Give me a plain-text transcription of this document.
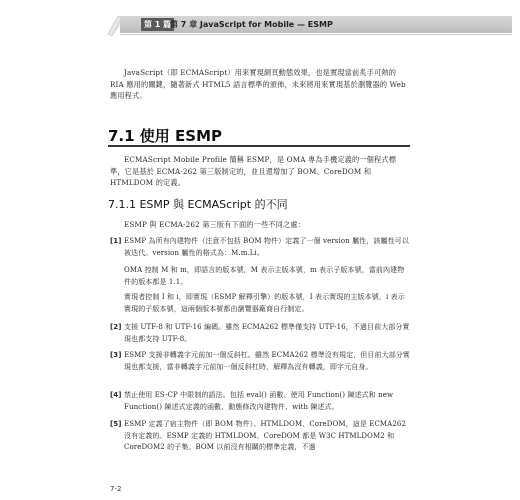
第 1 篇
第 7 章 JavaScript for Mobile — ESMP

JavaScript（即 ECMAScript）用來實現網頁動態效果，也是實現當前炙手可熱的 RIA 應用的關鍵，隨著新式 HTML5 語言標準的頒佈，未來將用來實現基於瀏覽器的 Web 應用程式。

7.1 使用 ESMP

ECMAScript Mobile Profile 簡稱 ESMP，是 OMA 專為手機定義的一個程式標準，它是基於 ECMA-262 第三版制定的，並且還增加了 BOM、CoreDOM 和 HTMLDOM 的定義。

7.1.1 ESMP 與 ECMAScript 的不同

ESMP 與 ECMA-262 第三版有下面的一些不同之處：

[1] ESMP 為所有內建物件（注意不包括 BOM 物件）定義了一個 version 屬性，該屬性可以被迭代。version 屬性的格式為：M.m.Li。

OMA 控制 M 和 m，即語言的版本號，M 表示主版本號，m 表示子版本號，當前內建物件的版本都是 1.1。

實現者控制 I 和 i，即實現（ESMP 解釋引擎）的版本號，I 表示實現的主版本號，i 表示實現的子版本號，這兩個版本號都由瀏覽器廠商自行制定。

[2] 支援 UTF-8 和 UTF-16 編碼。雖然 ECMA262 標準僅支持 UTF-16，不過目前大部分實現也都支持 UTF-8。
[3] ESMP 支援非轉義字元前加一個反斜杠。雖然 ECMA262 標準沒有規定，但目前大部分實現也都支援，當非轉義字元前加一個反斜杠時，解釋為沒有轉義，即字元自身。
[4] 禁止使用 ES-CP 中限制的語法。包括 eval() 函數、使用 Function() 陳述式和 new Function() 陳述式定義的函數、動態修改內建物件、with 陳述式。
[5] ESMP 定義了宿主物件（即 BOM 物件）、HTMLDOM、CoreDOM，這是 ECMA262 沒有定義的。ESMP 定義的 HTMLDOM、CoreDOM 都是 W3C HTMLDOM2 和 CoreDOM2 的子集。BOM 以前沒有相關的標準定義，不過
7-2
